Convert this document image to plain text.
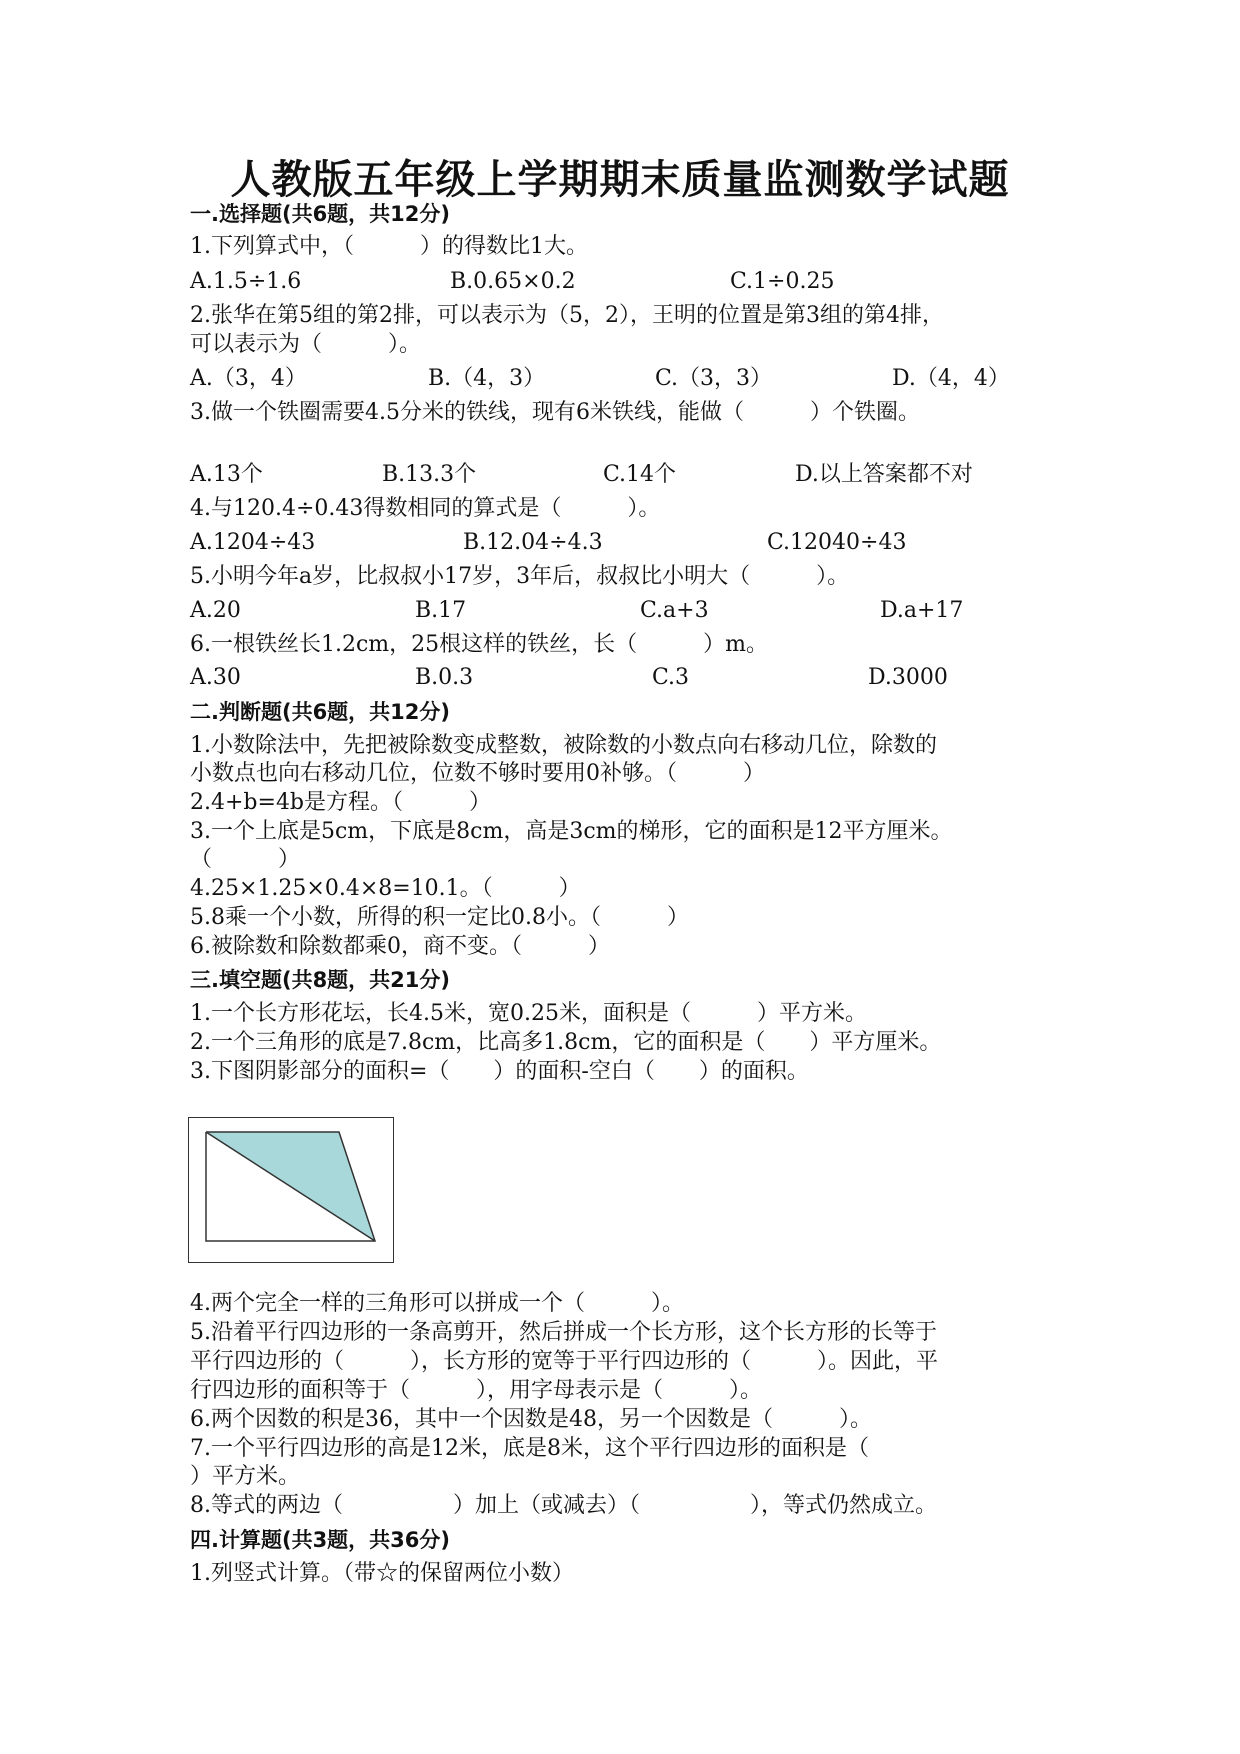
人教版五年级上学期期末质量监测数学试题
一.选择题(共6题，共12分)
1.下列算式中，（　　　）的得数比1大。
A.1.5÷1.6	B.0.65×0.2	C.1÷0.25
2.张华在第5组的第2排，可以表示为（5，2），王明的位置是第3组的第4排，
可以表示为（　　　）。
A.（3，4）	B.（4，3）	C.（3，3）	D.（4，4）
3.做一个铁圈需要4.5分米的铁线，现有6米铁线，能做（　　　）个铁圈。
A.13个	B.13.3个	C.14个	D.以上答案都不对
4.与120.4÷0.43得数相同的算式是（　　　）。
A.1204÷43	B.12.04÷4.3	C.12040÷43
5.小明今年a岁，比叔叔小17岁，3年后，叔叔比小明大（　　　）。
A.20	B.17	C.a+3	D.a+17
6.一根铁丝长1.2cm，25根这样的铁丝，长（　　　）m。
A.30	B.0.3	C.3	D.3000
二.判断题(共6题，共12分)
1.小数除法中，先把被除数变成整数，被除数的小数点向右移动几位，除数的
小数点也向右移动几位，位数不够时要用0补够。（　　　）
2.4+b=4b是方程。（　　　）
3.一个上底是5cm，下底是8cm，高是3cm的梯形，它的面积是12平方厘米。
（　　　）
4.25×1.25×0.4×8=10.1。（　　　）
5.8乘一个小数，所得的积一定比0.8小。（　　　）
6.被除数和除数都乘0，商不变。（　　　）
三.填空题(共8题，共21分)
1.一个长方形花坛，长4.5米，宽0.25米，面积是（　　　）平方米。
2.一个三角形的底是7.8cm，比高多1.8cm，它的面积是（　　）平方厘米。
3.下图阴影部分的面积=（　　）的面积-空白（　　）的面积。
4.两个完全一样的三角形可以拼成一个（　　　）。
5.沿着平行四边形的一条高剪开，然后拼成一个长方形，这个长方形的长等于
平行四边形的（　　　），长方形的宽等于平行四边形的（　　　）。因此，平
行四边形的面积等于（　　　），用字母表示是（　　　）。
6.两个因数的积是36，其中一个因数是48，另一个因数是（　　　）。
7.一个平行四边形的高是12米，底是8米，这个平行四边形的面积是（
）平方米。
8.等式的两边（　　　　　）加上（或减去）（　　　　　），等式仍然成立。
四.计算题(共3题，共36分)
1.列竖式计算。（带☆的保留两位小数）
